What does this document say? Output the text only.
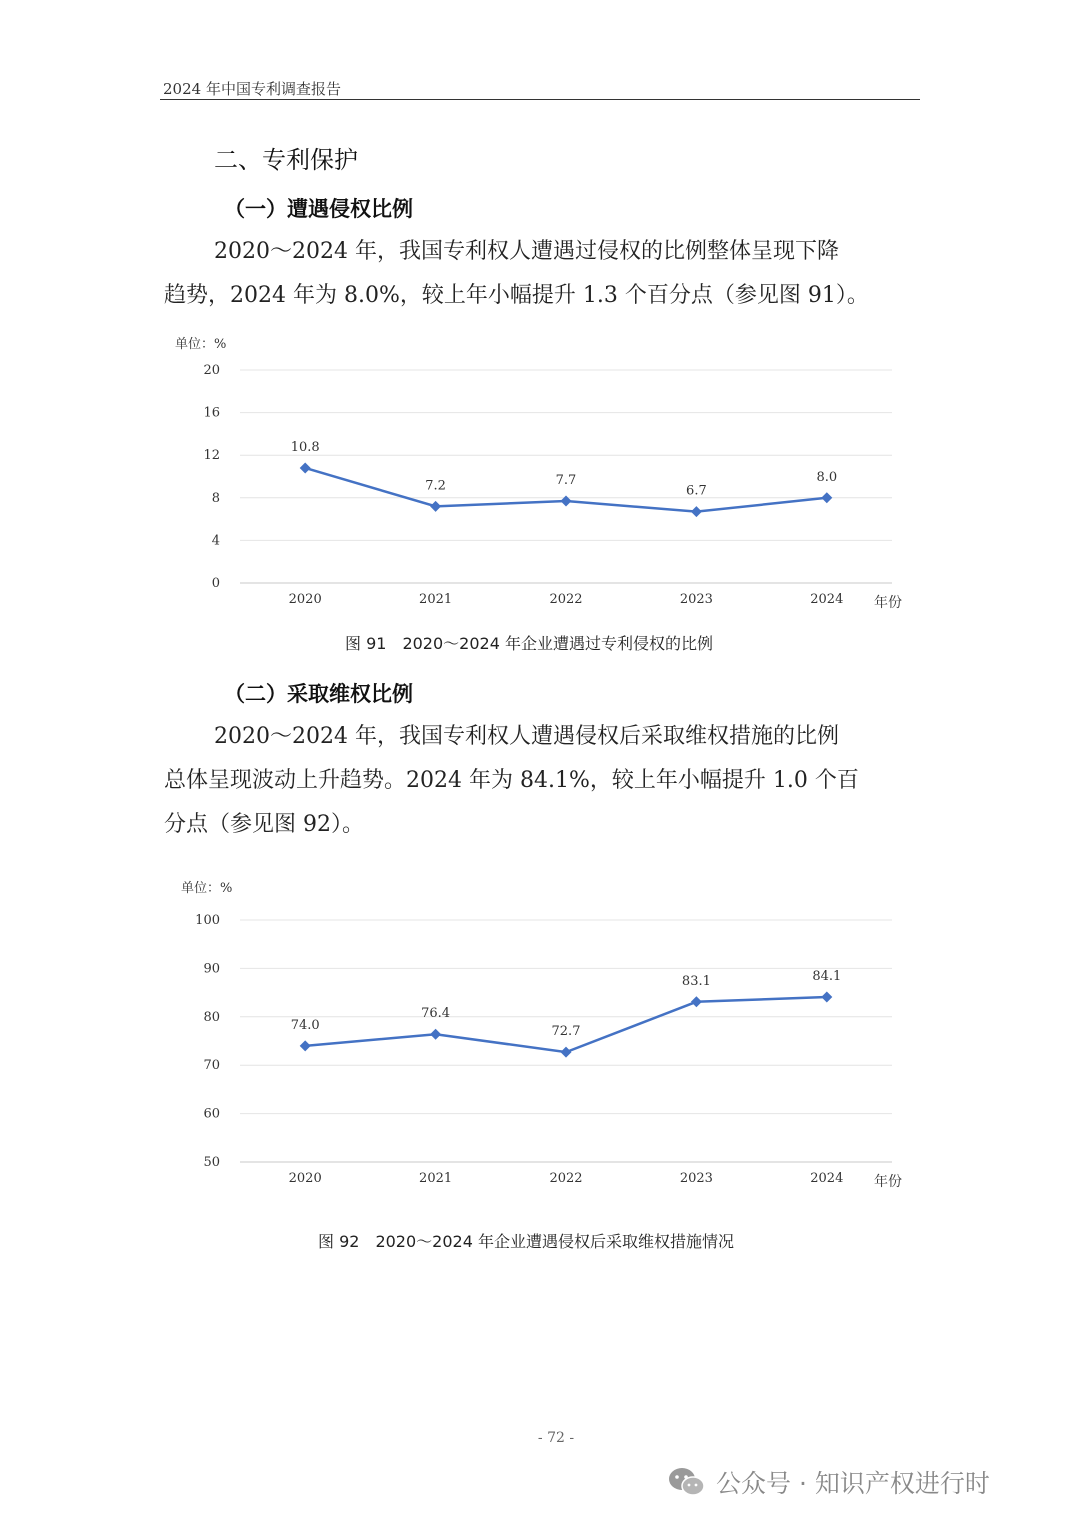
2024 年中国专利调查报告
二、专利保护
（一）遭遇侵权比例
2020～2024 年，我国专利权人遭遇过侵权的比例整体呈现下降
趋势，2024 年为 8.0%，较上年小幅提升 1.3 个百分点（参见图 91）。
单位：%
0
4
8
12
16
20
2020	2021	2022	2023	2024 年份
10.8
7.2	7.7
6.7
8.0
图 91　2020～2024 年企业遭遇过专利侵权的比例
（二）采取维权比例
2020～2024 年，我国专利权人遭遇侵权后采取维权措施的比例
总体呈现波动上升趋势。2024 年为 84.1%，较上年小幅提升 1.0 个百
分点（参见图 92）。
单位：%
50
60
70
80
90
100
2020	2021	2022	2023	2024 年份
74.0
76.4
72.7
83.1	84.1
图 92　2020～2024 年企业遭遇侵权后采取维权措施情况
- 72 -
公众号 · 知识产权进行时
